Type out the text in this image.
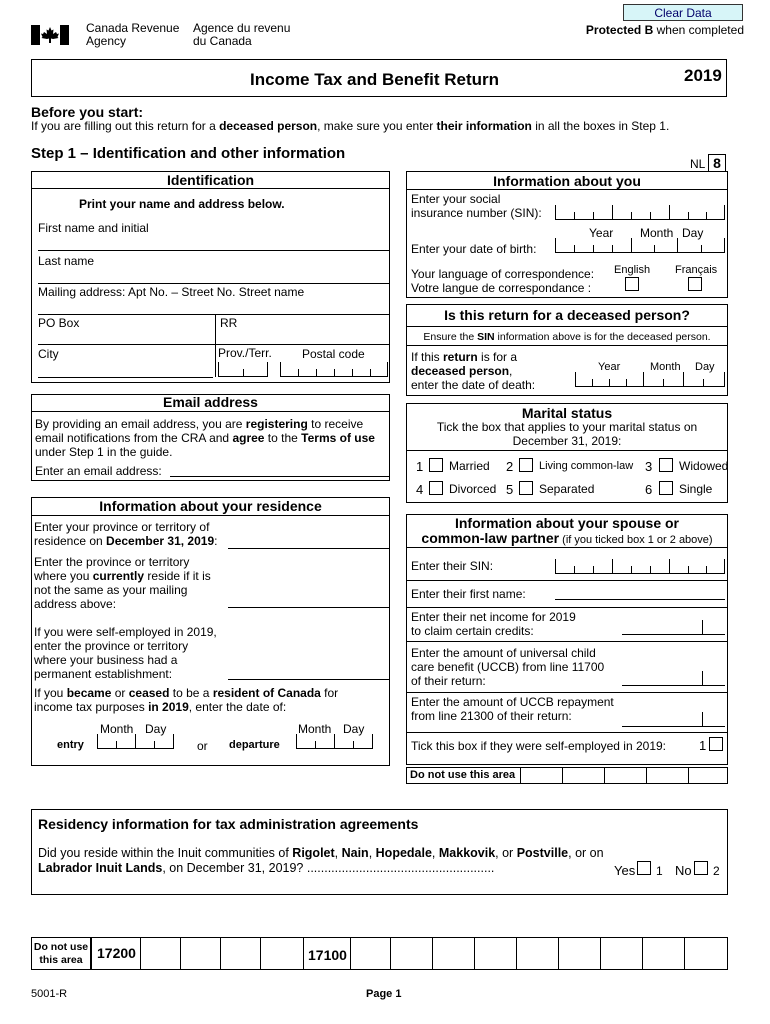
Canada Revenue
Agency
Agence du revenu
du Canada
Clear Data
Protected B when completed
Income Tax and Benefit Return	2019
Before you start:
If you are filling out this return for a deceased person, make sure you enter their information in all the boxes in Step 1.
Step 1 – Identification and other information
NL 8
Identification
Print your name and address below.
First name and initial
Last name
Mailing address: Apt No. – Street No. Street name
PO Box	RR
City	Prov./Terr.	Postal code
Email address
By providing an email address, you are registering to receive
email notifications from the CRA and agree to the Terms of use
under Step 1 in the guide.
Enter an email address:
Information about your residence
Enter your province or territory of
residence on December 31, 2019:
Enter the province or territory
where you currently reside if it is
not the same as your mailing
address above:
If you were self-employed in 2019,
enter the province or territory
where your business had a
permanent establishment:
If you became or ceased to be a resident of Canada for
income tax purposes in 2019, enter the date of:
Month Day	Month Day
entry	or departure
Information about you
Enter your social
insurance number (SIN):
Year Month Day
Enter your date of birth:
English Français
Your language of correspondence:
Votre langue de correspondance :
Is this return for a deceased person?
Ensure the SIN information above is for the deceased person.
If this return is for a
deceased person,
enter the date of death:
Year	Month Day
Marital status
Tick the box that applies to your marital status on
December 31, 2019:
1 Married 2 Living common-law 3 Widowed
4 Divorced 5 Separated	6 Single
Information about your spouse or
common-law partner (if you ticked box 1 or 2 above)
Enter their SIN:
Enter their first name:
Enter their net income for 2019
to claim certain credits:
Enter the amount of universal child
care benefit (UCCB) from line 11700
of their return:
Enter the amount of UCCB repayment
from line 21300 of their return:
Tick this box if they were self-employed in 2019:	1
Do not use this area
Residency information for tax administration agreements
Did you reside within the Inuit communities of Rigolet, Nain, Hopedale, Makkovik, or Postville, or on
Labrador Inuit Lands, on December 31, 2019? ......................................................	Yes 1 No 2
Do not use
this area	17200	17100
5001-R	Page 1
